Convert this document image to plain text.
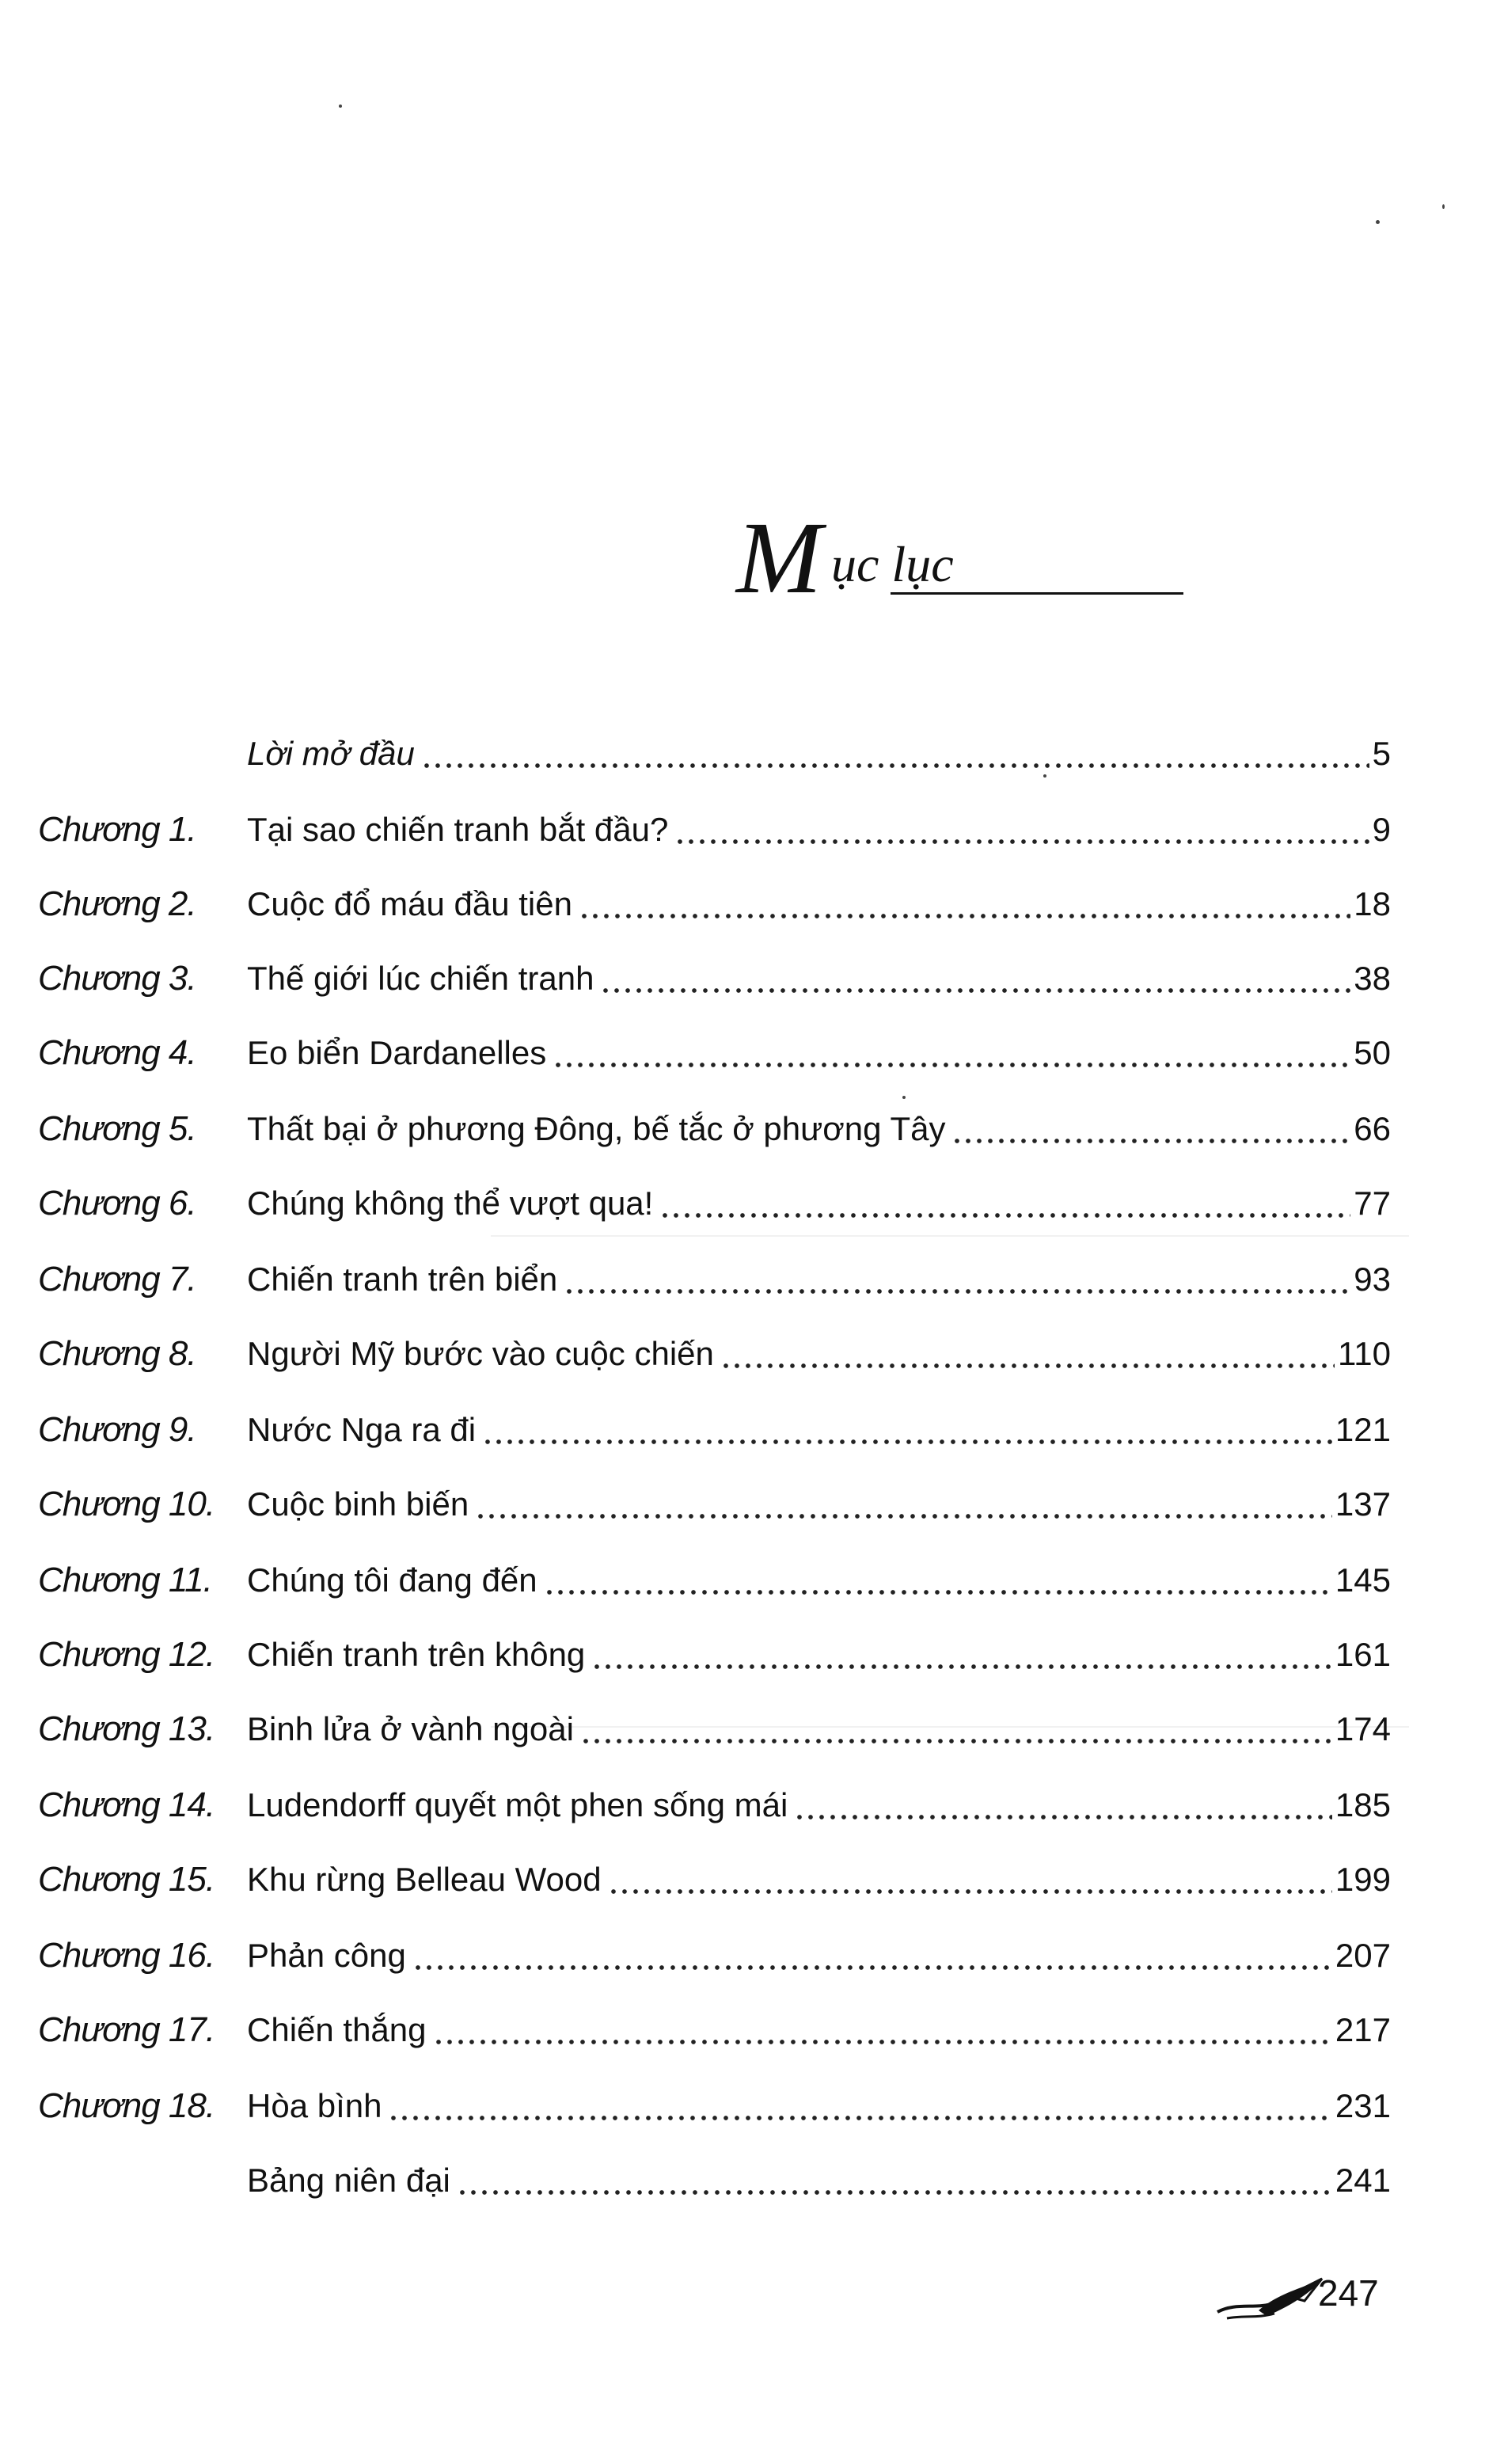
M ục lục
Lời mở đầu	5
Chương 1. Tại sao chiến tranh bắt đầu?	9
Chương 2. Cuộc đổ máu đầu tiên	18
Chương 3. Thế giới lúc chiến tranh	38
Chương 4. Eo biển Dardanelles	50
Chương 5. Thất bại ở phương Đông, bế tắc ở phương Tây	66
Chương 6. Chúng không thể vượt qua!	77
Chương 7. Chiến tranh trên biển	93
Chương 8. Người Mỹ bước vào cuộc chiến	110
Chương 9. Nước Nga ra đi	121
Chương 10. Cuộc binh biến	137
Chương 11. Chúng tôi đang đến	145
Chương 12. Chiến tranh trên không	161
Chương 13. Binh lửa ở vành ngoài	174
Chương 14. Ludendorff quyết một phen sống mái	185
Chương 15. Khu rừng Belleau Wood	199
Chương 16. Phản công	207
Chương 17. Chiến thắng	217
Chương 18. Hòa bình	231
Bảng niên đại	241
247
